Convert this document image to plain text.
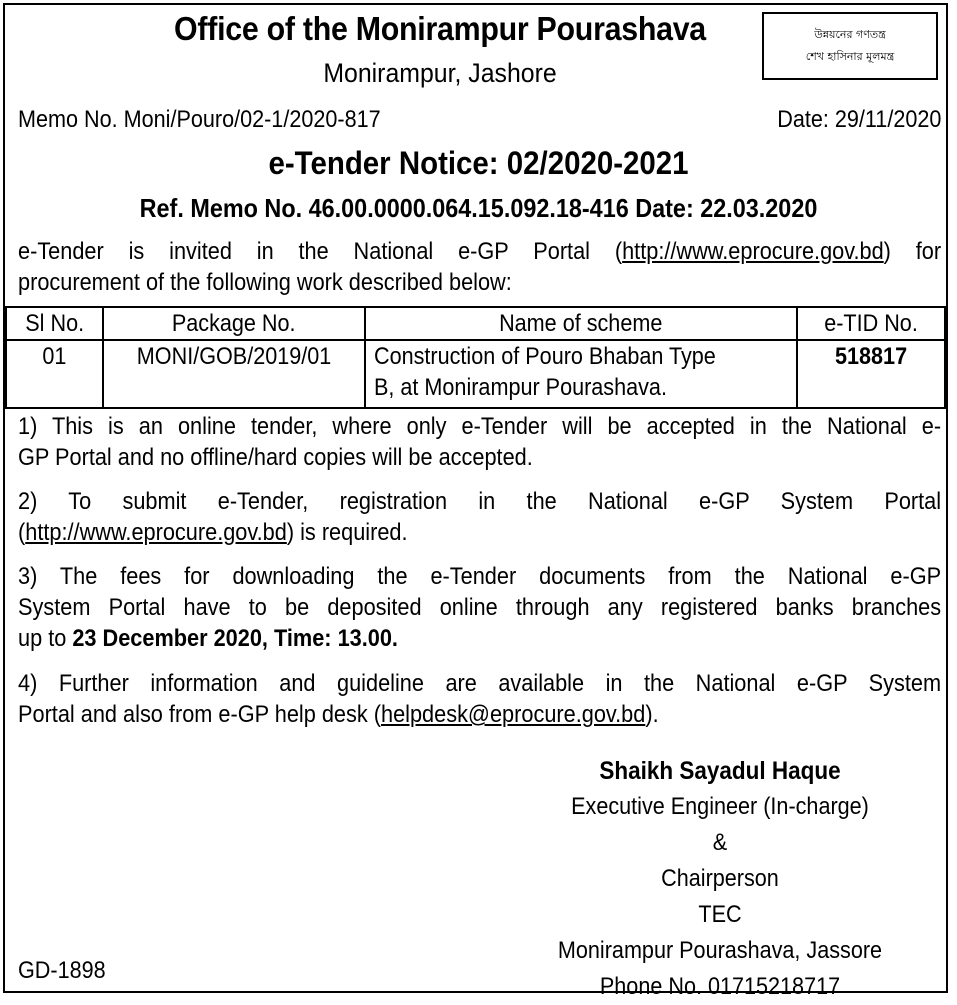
Office of the Monirampur Pourashava
Monirampur, Jashore
উন্নয়নের গণতন্ত্র
শেখ হাসিনার মূলমন্ত্র
Memo No. Moni/Pouro/02-1/2020-817	Date: 29/11/2020
e-Tender Notice: 02/2020-2021
Ref. Memo No. 46.00.0000.064.15.092.18-416 Date: 22.03.2020
e-Tender is invited in the National e-GP Portal (http://www.eprocure.gov.bd) for
procurement of the following work described below:
Sl No.	Package No.	Name of scheme	e-TID No.
01	MONI/GOB/2019/01	Construction of Pouro Bhaban Type
B, at Monirampur Pourashava.	518817
1) This is an online tender, where only e-Tender will be accepted in the National e-
GP Portal and no offline/hard copies will be accepted.
2) To submit e-Tender, registration in the National e-GP System Portal
(http://www.eprocure.gov.bd) is required.
3) The fees for downloading the e-Tender documents from the National e-GP
System Portal have to be deposited online through any registered banks branches
up to 23 December 2020, Time: 13.00.
4) Further information and guideline are available in the National e-GP System
Portal and also from e-GP help desk (helpdesk@eprocure.gov.bd).
Shaikh Sayadul Haque
Executive Engineer (In-charge)
&
Chairperson
TEC
Monirampur Pourashava, Jassore
Phone No. 01715218717
GD-1898
